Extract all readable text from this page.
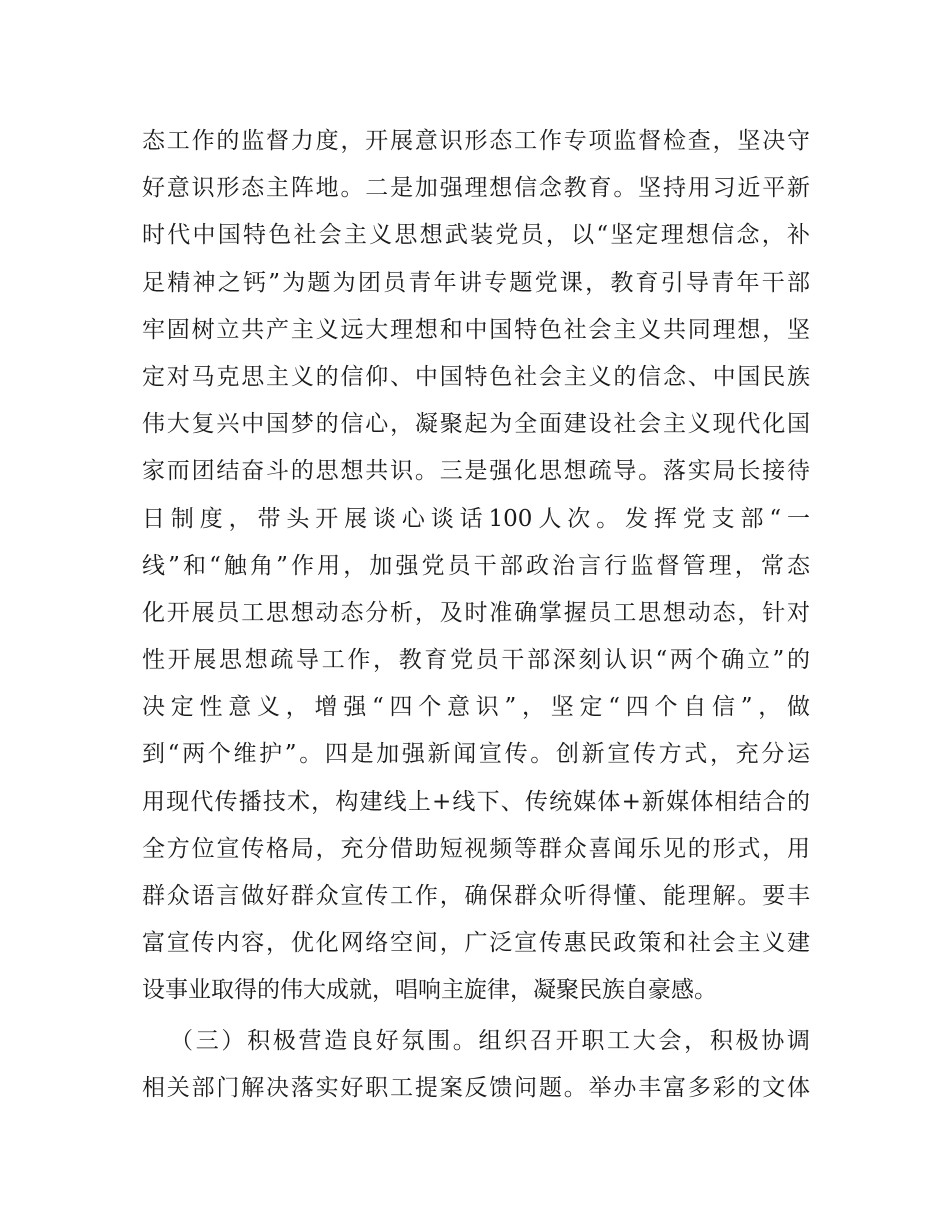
态工作的监督力度，开展意识形态工作专项监督检查，坚决守
好意识形态主阵地。二是加强理想信念教育。坚持用习近平新
时代中国特色社会主义思想武装党员，以“坚定理想信念，补
足精神之钙”为题为团员青年讲专题党课，教育引导青年干部
牢固树立共产主义远大理想和中国特色社会主义共同理想，坚
定对马克思主义的信仰、中国特色社会主义的信念、中国民族
伟大复兴中国梦的信心，凝聚起为全面建设社会主义现代化国
家而团结奋斗的思想共识。三是强化思想疏导。落实局长接待
日制度，带头开展谈心谈话100人次。发挥党支部“一
线”和“触角”作用，加强党员干部政治言行监督管理，常态
化开展员工思想动态分析，及时准确掌握员工思想动态，针对
性开展思想疏导工作，教育党员干部深刻认识“两个确立”的
决定性意义，增强“四个意识”，坚定“四个自信”，做
到“两个维护”。四是加强新闻宣传。创新宣传方式，充分运
用现代传播技术，构建线上+线下、传统媒体+新媒体相结合的
全方位宣传格局，充分借助短视频等群众喜闻乐见的形式，用
群众语言做好群众宣传工作，确保群众听得懂、能理解。要丰
富宣传内容，优化网络空间，广泛宣传惠民政策和社会主义建
设事业取得的伟大成就，唱响主旋律，凝聚民族自豪感。
（三）积极营造良好氛围。组织召开职工大会，积极协调
相关部门解决落实好职工提案反馈问题。举办丰富多彩的文体
